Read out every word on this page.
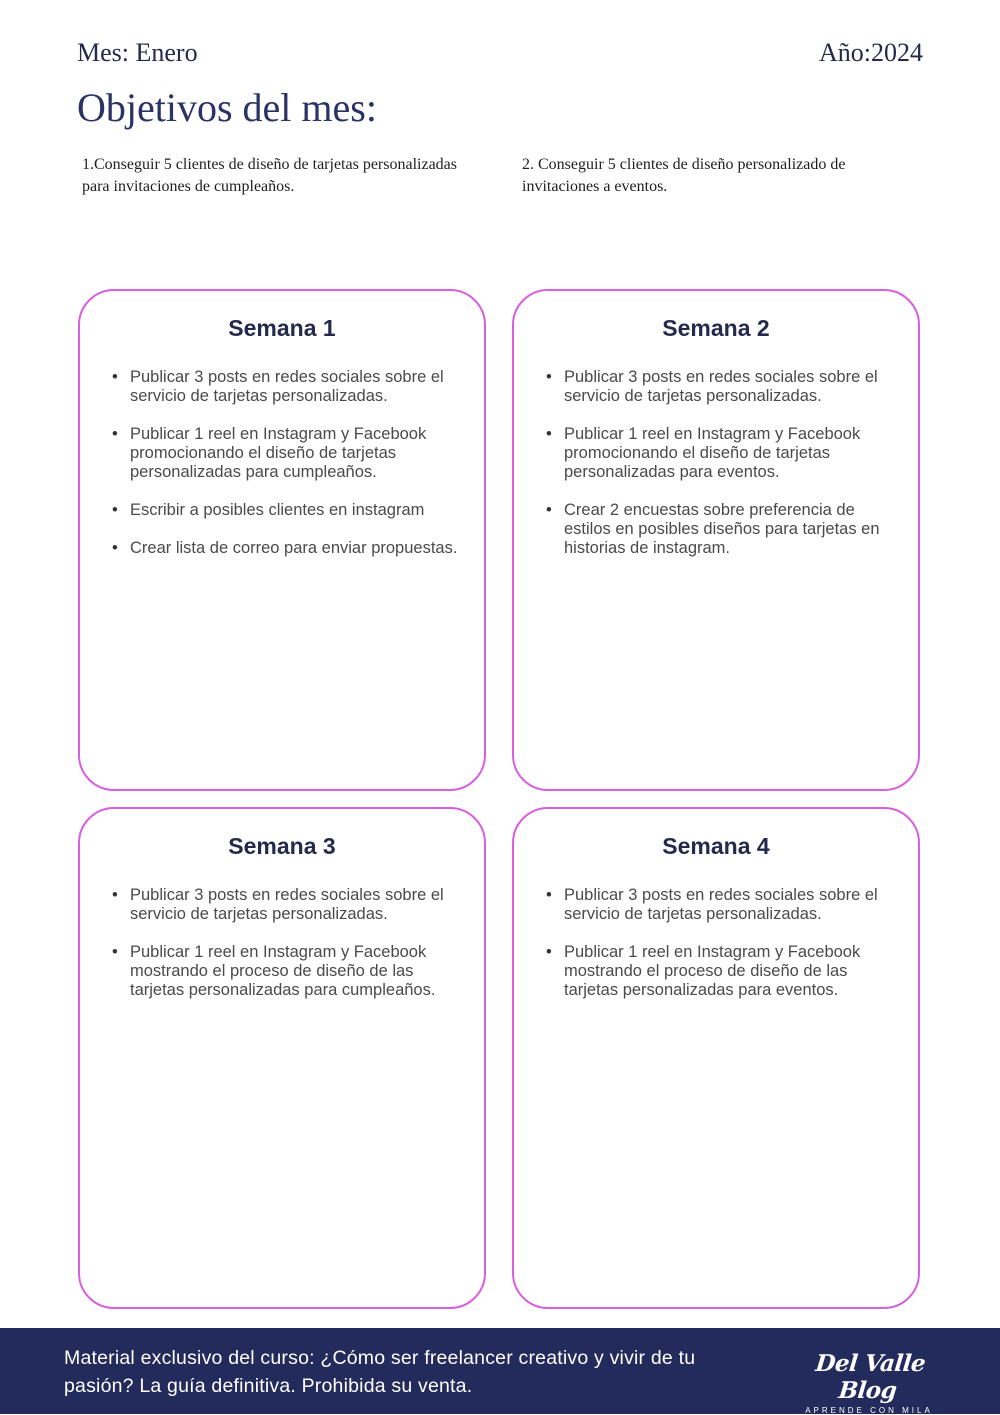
Mes: Enero	Año:2024
Objetivos del mes:
1.Conseguir 5 clientes de diseño de tarjetas personalizadas para invitaciones de cumpleaños.
2. Conseguir 5 clientes de diseño personalizado de invitaciones a eventos.
Semana 1
• Publicar 3 posts en redes sociales sobre el servicio de tarjetas personalizadas.
• Publicar 1 reel en Instagram y Facebook promocionando el diseño de tarjetas personalizadas para cumpleaños.
• Escribir a posibles clientes en instagram
• Crear lista de correo para enviar propuestas.
Semana 2
• Publicar 3 posts en redes sociales sobre el servicio de tarjetas personalizadas.
• Publicar 1 reel en Instagram y Facebook promocionando el diseño de tarjetas personalizadas para eventos.
• Crear 2 encuestas sobre preferencia de estilos en posibles diseños para tarjetas en historias de instagram.
Semana 3
• Publicar 3 posts en redes sociales sobre el servicio de tarjetas personalizadas.
• Publicar 1 reel en Instagram y Facebook mostrando el proceso de diseño de las tarjetas personalizadas para cumpleaños.
Semana 4
• Publicar 3 posts en redes sociales sobre el servicio de tarjetas personalizadas.
• Publicar 1 reel en Instagram y Facebook mostrando el proceso de diseño de las tarjetas personalizadas para eventos.
Material exclusivo del curso: ¿Cómo ser freelancer creativo y vivir de tu pasión? La guía definitiva. Prohibida su venta.
Del Valle Blog
APRENDE CON MILA
